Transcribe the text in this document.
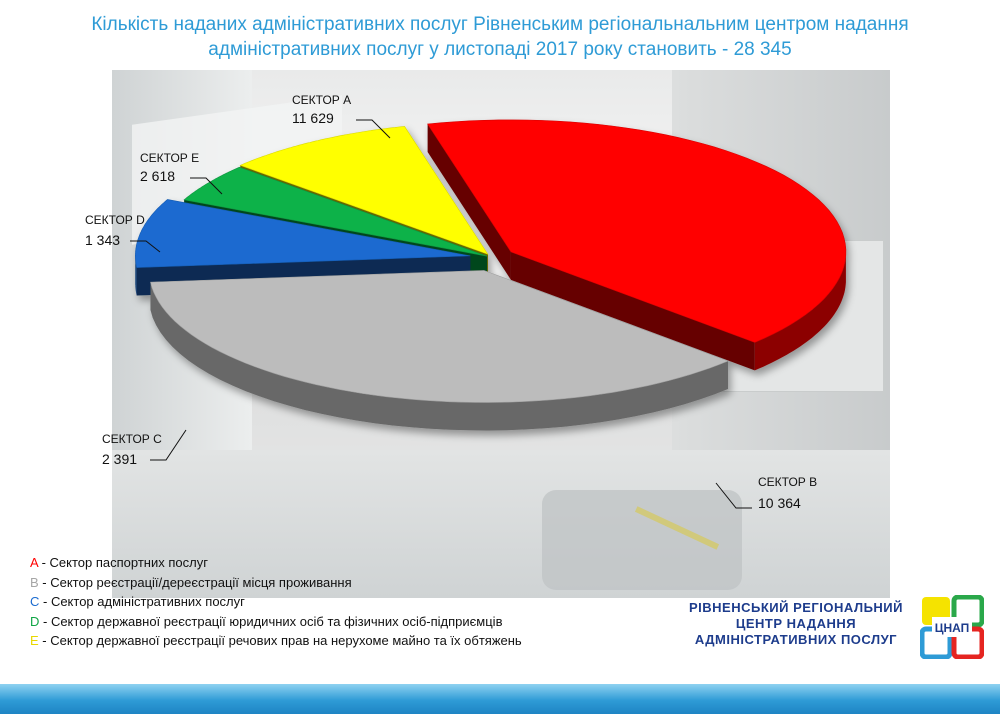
Кількість наданих адміністративних послуг Рівненським регіональнальним центром надання
адміністративних послуг у листопаді 2017 року становить - 28 345
СЕКТОР A
11 629
СЕКТОР B
10 364
СЕКТОР C
2 391
СЕКТОР D
1 343
СЕКТОР E
2 618
A - Сектор паспортних послуг
B - Сектор реєстрації/дереєстрації місця проживання
C - Сектор адміністративних послуг
D - Сектор державної реєстрації юридичних осіб та фізичних осіб-підприємців
E - Сектор державної реєстрації речових прав на нерухоме майно та їх обтяжень
РІВНЕНСЬКИЙ РЕГІОНАЛЬНИЙ
ЦЕНТР НАДАННЯ
АДМІНІСТРАТИВНИХ ПОСЛУГ
ЦНАП
